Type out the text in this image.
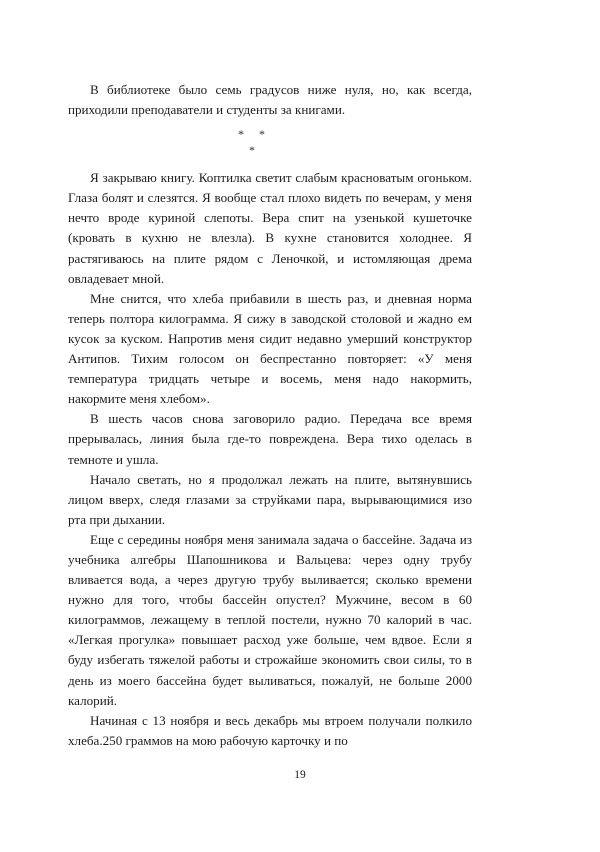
В библиотеке было семь градусов ниже нуля, но, как всегда, приходили преподаватели и студенты за книгами.

* *
*

Я закрываю книгу. Коптилка светит слабым красноватым огоньком. Глаза болят и слезятся. Я вообще стал плохо видеть по вечерам, у меня нечто вроде куриной слепоты. Вера спит на узенькой кушеточке (кровать в кухню не влезла). В кухне становится холоднее. Я растягиваюсь на плите рядом с Леночкой, и истомляющая дрема овладевает мной.

Мне снится, что хлеба прибавили в шесть раз, и дневная норма теперь полтора килограмма. Я сижу в заводской столовой и жадно ем кусок за куском. Напротив меня сидит недавно умерший конструктор Антипов. Тихим голосом он беспрестанно повторяет: «У меня температура тридцать четыре и восемь, меня надо накормить, накормите меня хлебом».

В шесть часов снова заговорило радио. Передача все время прерывалась, линия была где-то повреждена. Вера тихо оделась в темноте и ушла.

Начало светать, но я продолжал лежать на плите, вытянувшись лицом вверх, следя глазами за струйками пара, вырывающимися изо рта при дыхании.

Еще с середины ноября меня занимала задача о бассейне. Задача из учебника алгебры Шапошникова и Вальцева: через одну трубу вливается вода, а через другую трубу выливается; сколько времени нужно для того, чтобы бассейн опустел? Мужчине, весом в 60 килограммов, лежащему в теплой постели, нужно 70 калорий в час. «Легкая прогулка» повышает расход уже больше, чем вдвое. Если я буду избегать тяжелой работы и строжайше экономить свои силы, то в день из моего бассейна будет выливаться, пожалуй, не больше 2000 калорий.

Начиная с 13 ноября и весь декабрь мы втроем получали полкило хлеба.250 граммов на мою рабочую карточку и по

19
